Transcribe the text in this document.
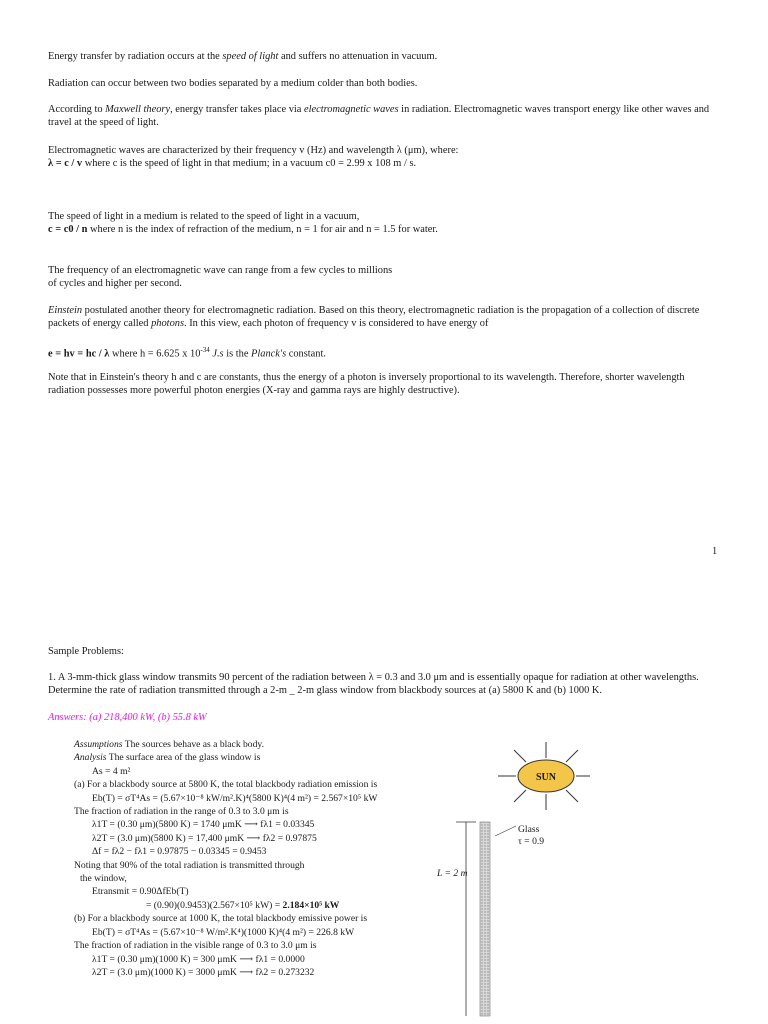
Energy transfer by radiation occurs at the speed of light and suffers no attenuation in vacuum.

Radiation can occur between two bodies separated by a medium colder than both bodies.

According to Maxwell theory, energy transfer takes place via electromagnetic waves in radiation. Electromagnetic waves transport energy like other waves and travel at the speed of light.

Electromagnetic waves are characterized by their frequency v (Hz) and wavelength λ (μm), where:
λ = c / v where c is the speed of light in that medium; in a vacuum c0 = 2.99 x 108 m / s.

The speed of light in a medium is related to the speed of light in a vacuum,
c = c0 / n where n is the index of refraction of the medium, n = 1 for air and n = 1.5 for water.

The frequency of an electromagnetic wave can range from a few cycles to millions
of cycles and higher per second.

Einstein postulated another theory for electromagnetic radiation. Based on this theory, electromagnetic radiation is the propagation of a collection of discrete packets of energy called photons. In this view, each photon of frequency v is considered to have energy of

e = hv = hc / λ where h = 6.625 x $10^{-34}$ J.s is the Planck's constant.

Note that in Einstein's theory h and c are constants, thus the energy of a photon is inversely proportional to its wavelength. Therefore, shorter wavelength radiation possesses more powerful photon energies (X-ray and gamma rays are highly destructive).

1

Sample Problems:

1. A 3-mm-thick glass window transmits 90 percent of the radiation between λ = 0.3 and 3.0 μm and is essentially opaque for radiation at other wavelengths. Determine the rate of radiation transmitted through a 2-m _ 2-m glass window from blackbody sources at (a) 5800 K and (b) 1000 K.

Answers: (a) 218,400 kW, (b) 55.8 kW

Assumptions The sources behave as a black body.
Analysis The surface area of the glass window is
As = 4 m²
(a) For a blackbody source at 5800 K, the total blackbody radiation emission is
Eb(T) = σT⁴As = (5.67×10⁻⁸ kW/m².K)⁴(5800 K)⁴(4 m²) = 2.567×10⁵ kW
The fraction of radiation in the range of 0.3 to 3.0 μm is
λ1T = (0.30 μm)(5800 K) = 1740 μmK ⟶ fλ1 = 0.03345
λ2T = (3.0 μm)(5800 K) = 17,400 μmK ⟶ fλ2 = 0.97875
Δf = fλ2 − fλ1 = 0.97875 − 0.03345 = 0.9453
Noting that 90% of the total radiation is transmitted through
the window,
Etransmit = 0.90ΔfEb(T)
= (0.90)(0.9453)(2.567×10⁵ kW) = 2.184×10⁵ kW
(b) For a blackbody source at 1000 K, the total blackbody emissive power is
Eb(T) = σT⁴As = (5.67×10⁻⁸ W/m².K⁴)(1000 K)⁴(4 m²) = 226.8 kW
The fraction of radiation in the visible range of 0.3 to 3.0 μm is
λ1T = (0.30 μm)(1000 K) = 300 μmK ⟶ fλ1 = 0.0000
λ2T = (3.0 μm)(1000 K) = 3000 μmK ⟶ fλ2 = 0.273232
SUN
Glass
τ = 0.9
L = 2 m
